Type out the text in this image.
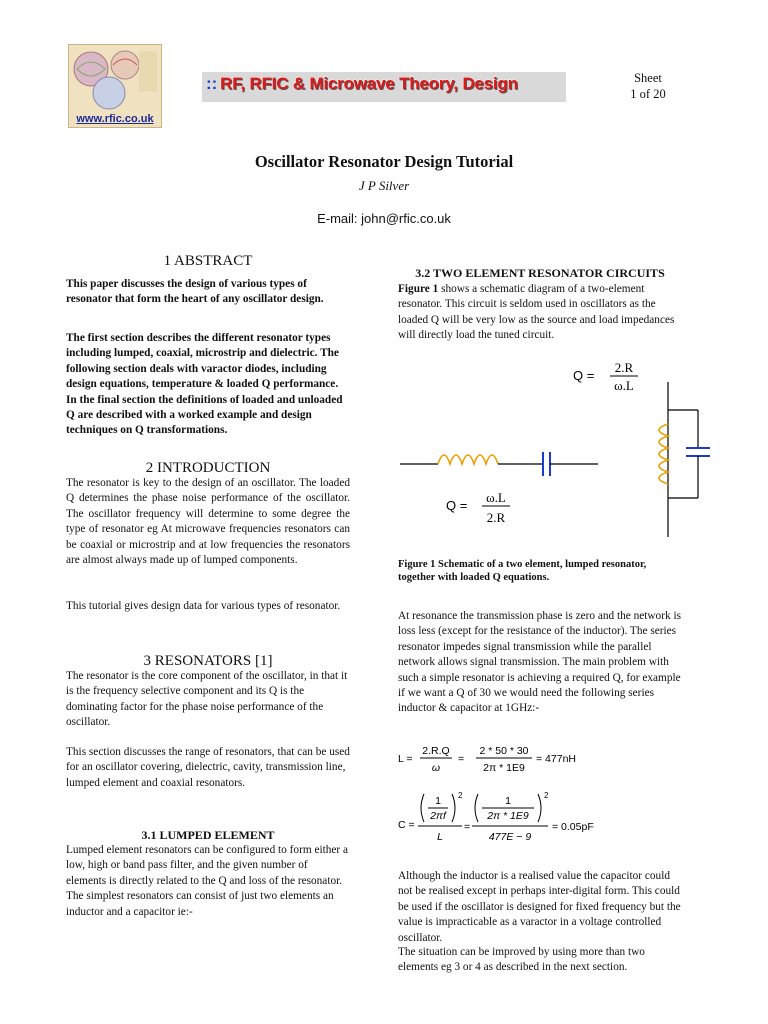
www.rfic.co.uk
:: RF, RFIC & Microwave Theory, Design	Sheet
1 of 20
Oscillator Resonator Design Tutorial
J P Silver
E-mail: john@rfic.co.uk
1 ABSTRACT
This paper discusses the design of various types of resonator that form the heart of any oscillator design.
The first section describes the different resonator types including lumped, coaxial, microstrip and dielectric. The following section deals with varactor diodes, including design equations, temperature & loaded Q performance. In the final section the definitions of loaded and unloaded Q are described with a worked example and design techniques on Q transformations.
2 INTRODUCTION
The resonator is key to the design of an oscillator. The loaded Q determines the phase noise performance of the oscillator. The oscillator frequency will determine to some degree the type of resonator eg At microwave frequencies resonators can be coaxial or microstrip and at low frequencies the resonators are almost always made up of lumped components.
This tutorial gives design data for various types of resonator.
3 RESONATORS [1]
The resonator is the core component of the oscillator, in that it is the frequency selective component and its Q is the dominating factor for the phase noise performance of the oscillator.
This section discusses the range of resonators, that can be used for an oscillator covering, dielectric, cavity, transmission line, lumped element and coaxial resonators.
3.1 LUMPED ELEMENT
Lumped element resonators can be configured to form either a low, high or band pass filter, and the given number of elements is directly related to the Q and loss of the resonator. The simplest resonators can consist of just two elements an inductor and a capacitor ie:-
3.2 TWO ELEMENT RESONATOR CIRCUITS
Figure 1 shows a schematic diagram of a two-element resonator. This circuit is seldom used in oscillators as the loaded Q will be very low as the source and load impedances will directly load the tuned circuit.
Q =
2.R
ω.L
Q =
ω.L
2.R
Figure 1 Schematic of a two element, lumped resonator, together with loaded Q equations.
At resonance the transmission phase is zero and the network is loss less (except for the resistance of the inductor). The series resonator impedes signal transmission while the parallel network allows signal transmission. The main problem with such a simple resonator is achieving a required Q, for example if we want a Q of 30 we would need the following series inductor & capacitor at 1GHz:-
L =
2.R.Q
ω
=
2 * 50 * 30
2π * 1E9
= 477nH
C =
1
2πf
2
L
=
1
2π * 1E9
2
477E − 9
= 0.05pF
Although the inductor is a realised value the capacitor could not be realised except in perhaps inter-digital form. This could be used if the oscillator is designed for fixed frequency but the value is impracticable as a varactor in a voltage controlled oscillator.
The situation can be improved by using more than two elements eg 3 or 4 as described in the next section.
